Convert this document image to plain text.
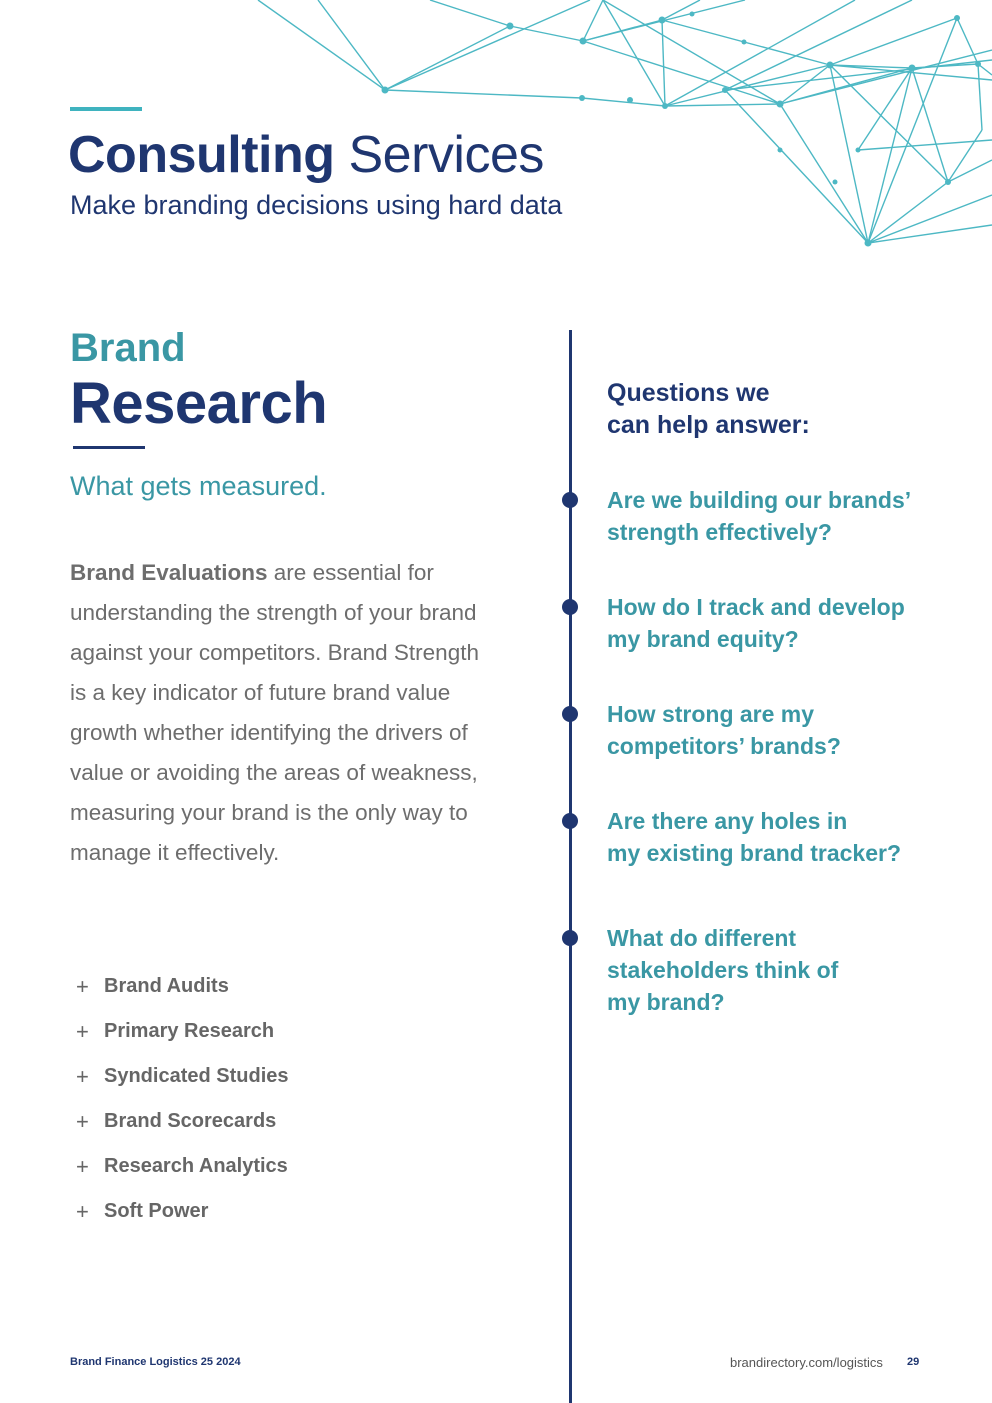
Consulting Services
Make branding decisions using hard data
Brand
Research
What gets measured.
Brand Evaluations are essential for understanding the strength of your brand against your competitors. Brand Strength is a key indicator of future brand value growth whether identifying the drivers of value or avoiding the areas of weakness, measuring your brand is the only way to manage it effectively.
+ Brand Audits
+ Primary Research
+ Syndicated Studies
+ Brand Scorecards
+ Research Analytics
+ Soft Power
Questions we
can help answer:
Are we building our brands’
strength effectively?
How do I track and develop
my brand equity?
How strong are my
competitors’ brands?
Are there any holes in
my existing brand tracker?
What do different
stakeholders think of
my brand?
Brand Finance Logistics 25 2024	brandirectory.com/logistics 29
